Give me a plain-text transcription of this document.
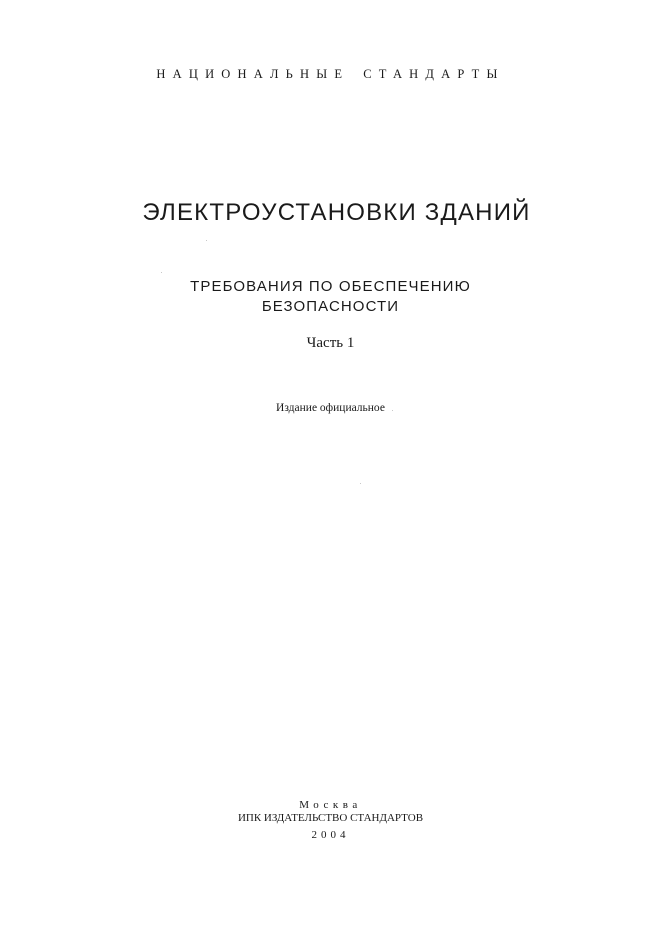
НАЦИОНАЛЬНЫЕ СТАНДАРТЫ
ЭЛЕКТРОУСТАНОВКИ ЗДАНИЙ
ТРЕБОВАНИЯ ПО ОБЕСПЕЧЕНИЮ
БЕЗОПАСНОСТИ
Часть 1
Издание официальное
Москва
ИПК ИЗДАТЕЛЬСТВО СТАНДАРТОВ
2004
